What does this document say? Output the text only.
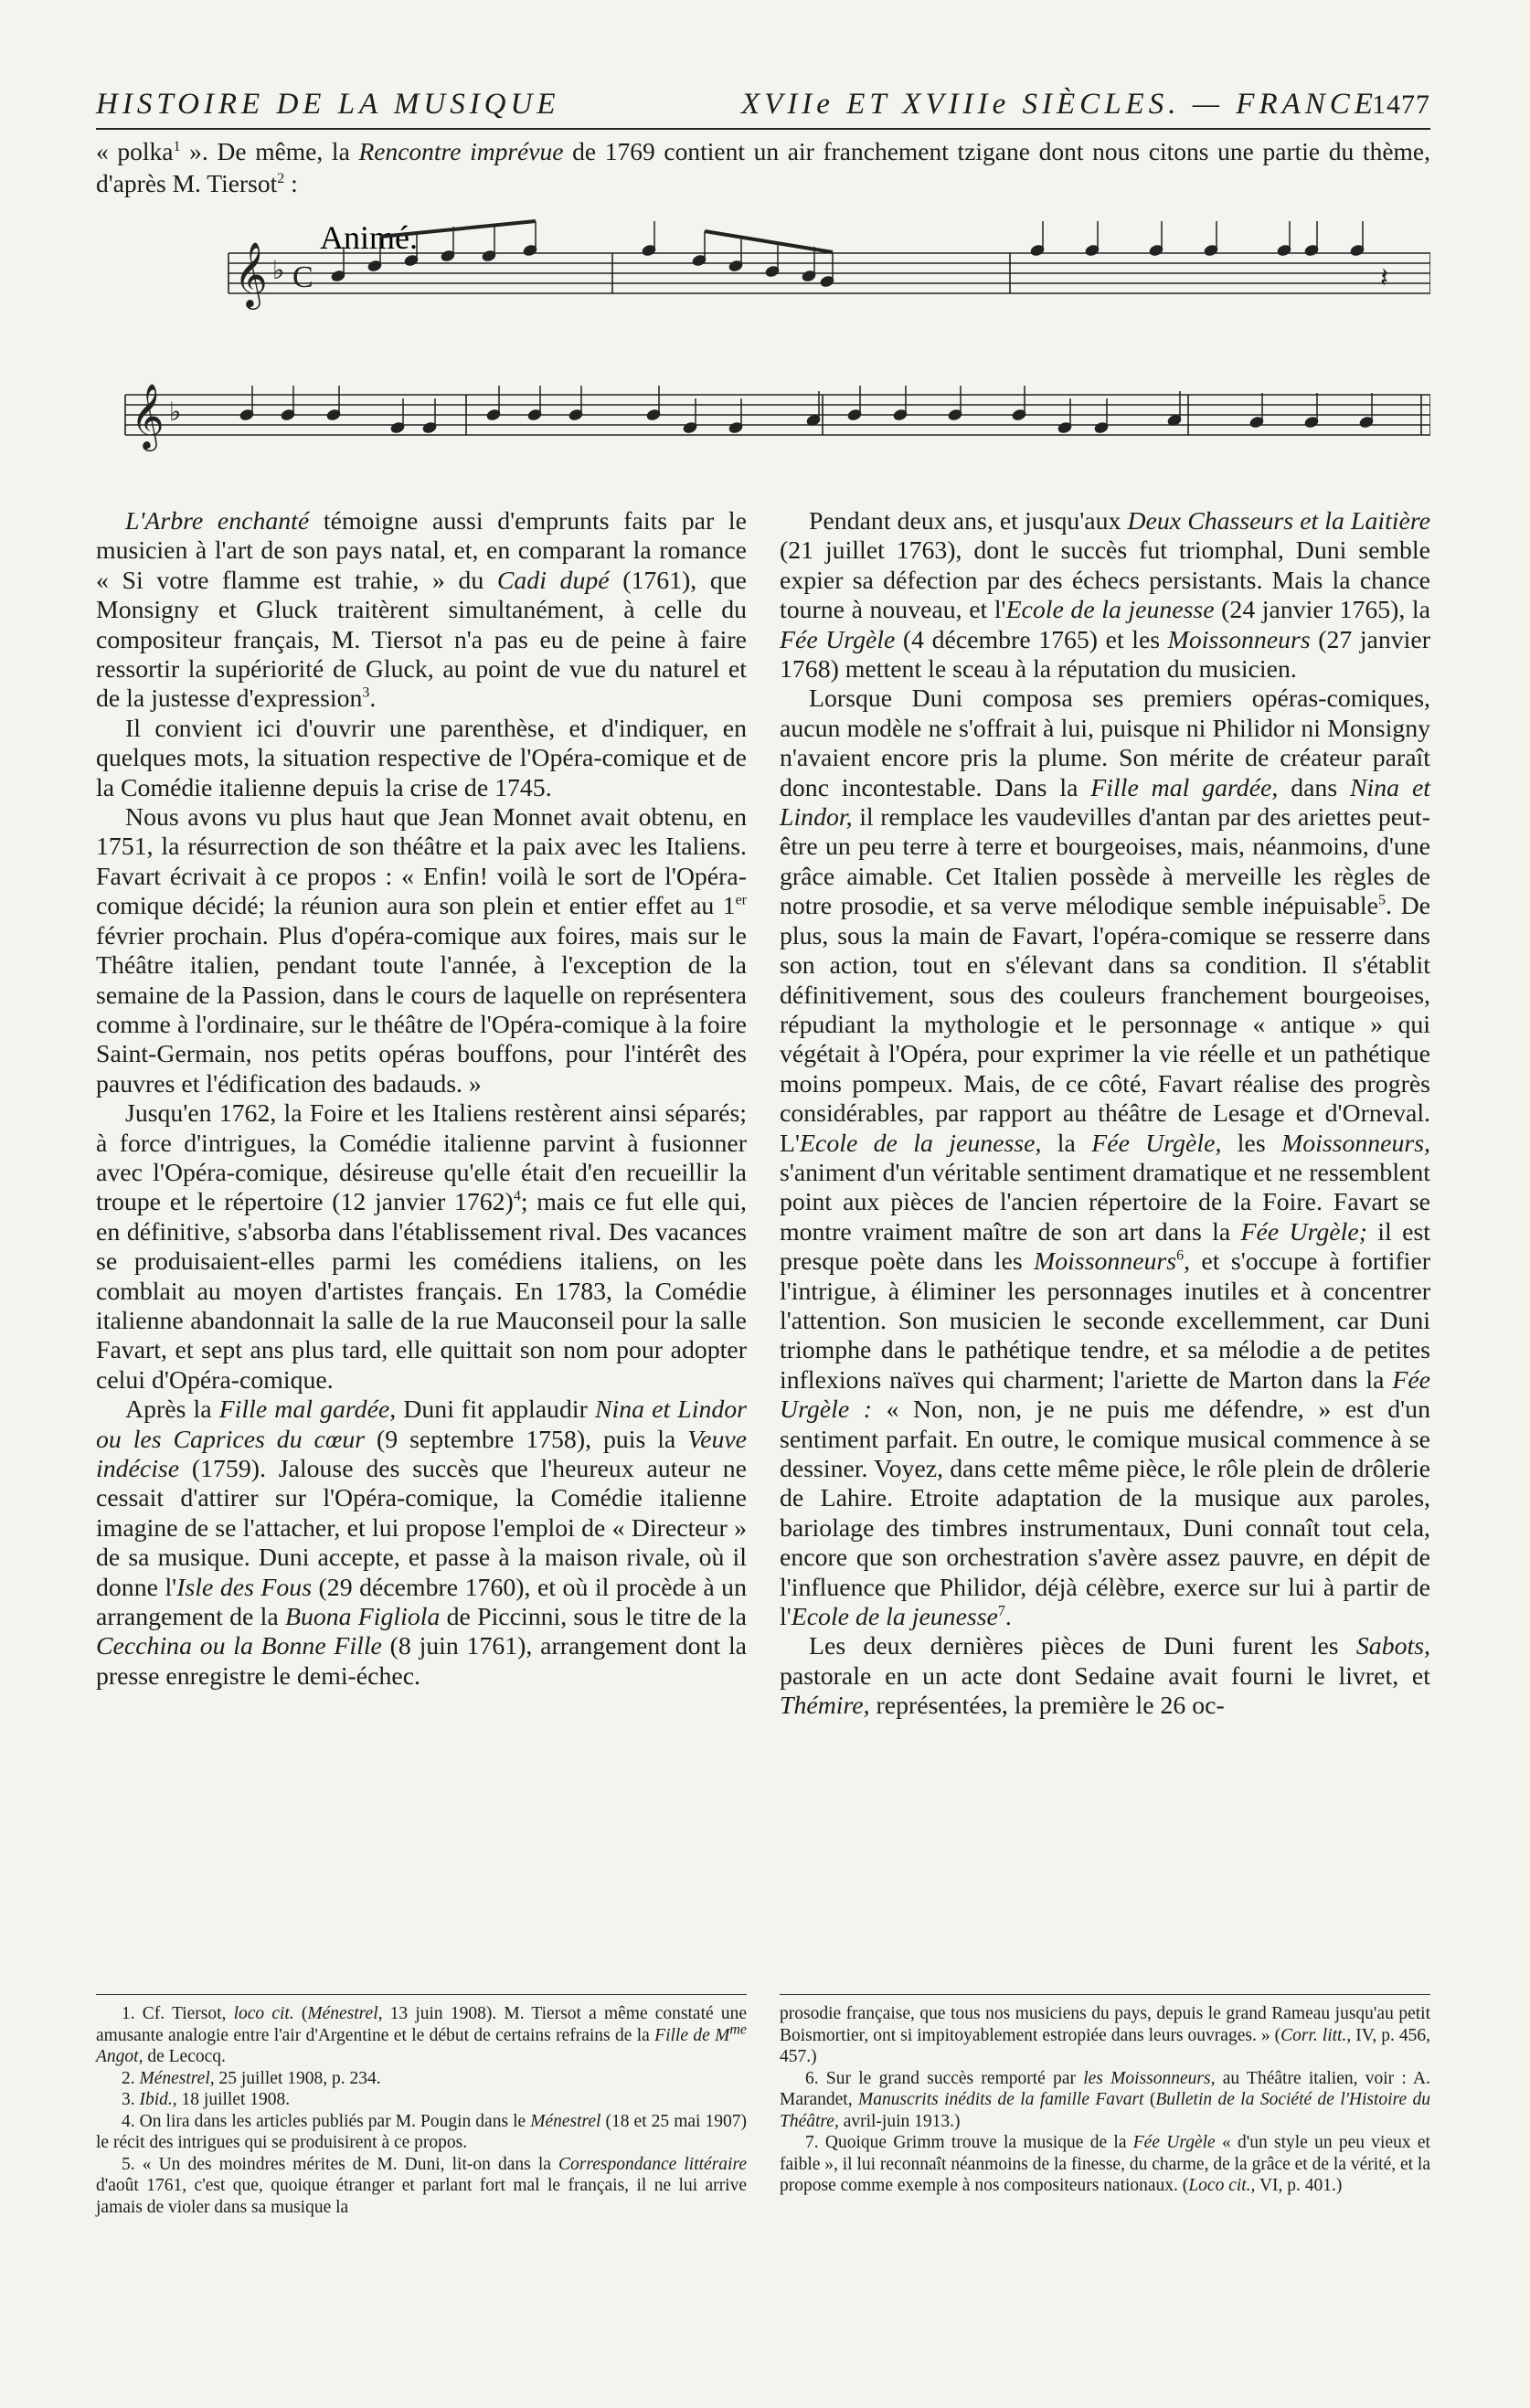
HISTOIRE DE LA MUSIQUE	XVIIe ET XVIIIe SIÈCLES. — FRANCE
1477
« polka$^1$ ». De même, la Rencontre imprévue de 1769 contient un air franchement tzigane dont nous citons une partie du thème, d'après M. Tiersot$^2$ :
Animé.
𝄞 ♭
𝄞 ♭
C	𝄽

L'Arbre enchanté témoigne aussi d'emprunts faits par le musicien à l'art de son pays natal, et, en comparant la romance « Si votre flamme est trahie, » du Cadi dupé (1761), que Monsigny et Gluck traitèrent simultanément, à celle du compositeur français, M. Tiersot n'a pas eu de peine à faire ressortir la supériorité de Gluck, au point de vue du naturel et de la justesse d'expression$^3$.

Il convient ici d'ouvrir une parenthèse, et d'indiquer, en quelques mots, la situation respective de l'Opéra-comique et de la Comédie italienne depuis la crise de 1745.

Nous avons vu plus haut que Jean Monnet avait obtenu, en 1751, la résurrection de son théâtre et la paix avec les Italiens. Favart écrivait à ce propos : « Enfin! voilà le sort de l'Opéra-comique décidé; la réunion aura son plein et entier effet au 1er février prochain. Plus d'opéra-comique aux foires, mais sur le Théâtre italien, pendant toute l'année, à l'exception de la semaine de la Passion, dans le cours de laquelle on représentera comme à l'ordinaire, sur le théâtre de l'Opéra-comique à la foire Saint-Germain, nos petits opéras bouffons, pour l'intérêt des pauvres et l'édification des badauds. »

Jusqu'en 1762, la Foire et les Italiens restèrent ainsi séparés; à force d'intrigues, la Comédie italienne parvint à fusionner avec l'Opéra-comique, désireuse qu'elle était d'en recueillir la troupe et le répertoire (12 janvier 1762)$^4$; mais ce fut elle qui, en définitive, s'absorba dans l'établissement rival. Des vacances se produisaient-elles parmi les comédiens italiens, on les comblait au moyen d'artistes français. En 1783, la Comédie italienne abandonnait la salle de la rue Mauconseil pour la salle Favart, et sept ans plus tard, elle quittait son nom pour adopter celui d'Opéra-comique.

Après la Fille mal gardée, Duni fit applaudir Nina et Lindor ou les Caprices du cœur (9 septembre 1758), puis la Veuve indécise (1759). Jalouse des succès que l'heureux auteur ne cessait d'attirer sur l'Opéra-comique, la Comédie italienne imagine de se l'attacher, et lui propose l'emploi de « Directeur » de sa musique. Duni accepte, et passe à la maison rivale, où il donne l'Isle des Fous (29 décembre 1760), et où il procède à un arrangement de la Buona Figliola de Piccinni, sous le titre de la Cecchina ou la Bonne Fille (8 juin 1761), arrangement dont la presse enregistre le demi-échec.

Pendant deux ans, et jusqu'aux Deux Chasseurs et la Laitière (21 juillet 1763), dont le succès fut triomphal, Duni semble expier sa défection par des échecs persistants. Mais la chance tourne à nouveau, et l'Ecole de la jeunesse (24 janvier 1765), la Fée Urgèle (4 décembre 1765) et les Moissonneurs (27 janvier 1768) mettent le sceau à la réputation du musicien.

Lorsque Duni composa ses premiers opéras-comiques, aucun modèle ne s'offrait à lui, puisque ni Philidor ni Monsigny n'avaient encore pris la plume. Son mérite de créateur paraît donc incontestable. Dans la Fille mal gardée, dans Nina et Lindor, il remplace les vaudevilles d'antan par des ariettes peut-être un peu terre à terre et bourgeoises, mais, néanmoins, d'une grâce aimable. Cet Italien possède à merveille les règles de notre prosodie, et sa verve mélodique semble inépuisable$^5$. De plus, sous la main de Favart, l'opéra-comique se resserre dans son action, tout en s'élevant dans sa condition. Il s'établit définitivement, sous des couleurs franchement bourgeoises, répudiant la mythologie et le personnage « antique » qui végétait à l'Opéra, pour exprimer la vie réelle et un pathétique moins pompeux. Mais, de ce côté, Favart réalise des progrès considérables, par rapport au théâtre de Lesage et d'Orneval. L'Ecole de la jeunesse, la Fée Urgèle, les Moissonneurs, s'animent d'un véritable sentiment dramatique et ne ressemblent point aux pièces de l'ancien répertoire de la Foire. Favart se montre vraiment maître de son art dans la Fée Urgèle; il est presque poète dans les Moissonneurs$^6$, et s'occupe à fortifier l'intrigue, à éliminer les personnages inutiles et à concentrer l'attention. Son musicien le seconde excellemment, car Duni triomphe dans le pathétique tendre, et sa mélodie a de petites inflexions naïves qui charment; l'ariette de Marton dans la Fée Urgèle : « Non, non, je ne puis me défendre, » est d'un sentiment parfait. En outre, le comique musical commence à se dessiner. Voyez, dans cette même pièce, le rôle plein de drôlerie de Lahire. Etroite adaptation de la musique aux paroles, bariolage des timbres instrumentaux, Duni connaît tout cela, encore que son orchestration s'avère assez pauvre, en dépit de l'influence que Philidor, déjà célèbre, exerce sur lui à partir de l'Ecole de la jeunesse$^7$.

Les deux dernières pièces de Duni furent les Sabots, pastorale en un acte dont Sedaine avait fourni le livret, et Thémire, représentées, la première le 26 oc-

1. Cf. Tiersot, loco cit. (Ménestrel, 13 juin 1908). M. Tiersot a même constaté une amusante analogie entre l'air d'Argentine et le début de certains refrains de la Fille de $M^{me}$ Angot, de Lecocq.

2. Ménestrel, 25 juillet 1908, p. 234.

3. Ibid., 18 juillet 1908.

4. On lira dans les articles publiés par M. Pougin dans le Ménestrel (18 et 25 mai 1907) le récit des intrigues qui se produisirent à ce propos.

5. « Un des moindres mérites de M. Duni, lit-on dans la Correspondance littéraire d'août 1761, c'est que, quoique étranger et parlant fort mal le français, il ne lui arrive jamais de violer dans sa musique la

prosodie française, que tous nos musiciens du pays, depuis le grand Rameau jusqu'au petit Boismortier, ont si impitoyablement estropiée dans leurs ouvrages. » (Corr. litt., IV, p. 456, 457.)

6. Sur le grand succès remporté par les Moissonneurs, au Théâtre italien, voir : A. Marandet, Manuscrits inédits de la famille Favart (Bulletin de la Société de l'Histoire du Théâtre, avril-juin 1913.)

7. Quoique Grimm trouve la musique de la Fée Urgèle « d'un style un peu vieux et faible », il lui reconnaît néanmoins de la finesse, du charme, de la grâce et de la vérité, et la propose comme exemple à nos compositeurs nationaux. (Loco cit., VI, p. 401.)
